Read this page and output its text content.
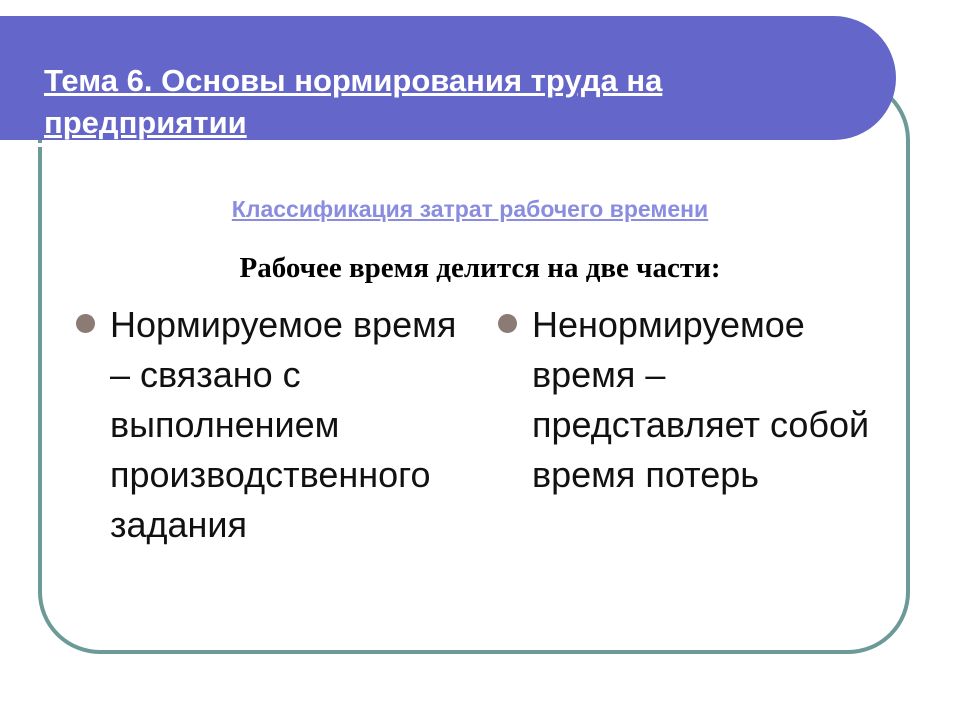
Тема 6. Основы нормирования труда на предприятии

Классификация затрат рабочего времени
Рабочее время делится на две части:

Нормируемое время – связано с выполнением производственного задания

Ненормируемое время – представляет собой время потерь
